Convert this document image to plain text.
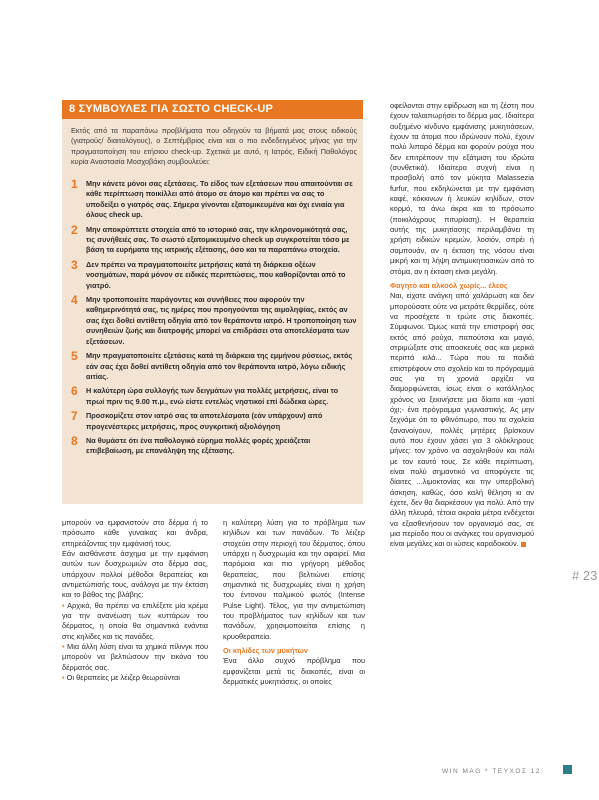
8 ΣΥΜΒΟΥΛΕΣ ΓΙΑ ΣΩΣΤΟ CHECK-UP
Εκτός από τα παραπάνω προβλήματα που οδηγούν τα βήματά μας στους ειδικούς (γιατρούς/ διαιτολόγους), ο Σεπτέμβριος είναι και ο πιο ενδεδειγμένος μήνας για την πραγματοποίηση του ετήσιου check-up. Σχετικά με αυτό, η Ιατρός, Ειδική Παθολόγος κυρία Αναστασία Μοσχοβάκη συμβουλεύει:
1 Μην κάνετε μόνοι σας εξετάσεις. Το είδος των εξετάσεων που απαιτούνται σε κάθε περίπτωση ποικίλλει από άτομο σε άτομο και πρέπει να σας το υποδείξει ο γιατρός σας. Σήμερα γίνονται εξατομικευμένα και όχι ενιαία για όλους check up.
2 Μην αποκρύπτετε στοιχεία από το ιστορικό σας, την κληρονομικότητά σας, τις συνήθειές σας. Το σωστό εξατομικευμένο check up συγκροτείται τόσο με βάση τα ευρήματα της ιατρικής εξέτασης, όσο και τα παραπάνω στοιχεία.
3 Δεν πρέπει να πραγματοποιείτε μετρήσεις κατά τη διάρκεια οξέων νοσημάτων, παρά μόνον σε ειδικές περιπτώσεις, που καθορίζονται από το γιατρό.
4 Μην τροποποιείτε παράγοντες και συνήθειες που αφορούν την καθημερινότητά σας, τις ημέρες που προηγούνται της αιμοληψίας, εκτός αν σας έχει δοθεί αντίθετη οδηγία από τον θεράποντα ιατρό. Η τροποποίηση των συνηθειών ζωής και διατροφής μπορεί να επιδράσει στα αποτελέσματα των εξετάσεων.
5 Μην πραγματοποιείτε εξετάσεις κατά τη διάρκεια της εμμήνου ρύσεως, εκτός εάν σας έχει δοθεί αντίθετη οδηγία από τον θεράποντα ιατρό, λόγω ειδικής αιτίας.
6 Η καλύτερη ώρα συλλογής των δειγμάτων για πολλές μετρήσεις, είναι το πρωί πριν τις 9.00 π.μ., ενώ είστε εντελώς νηστικοί επί δώδεκα ώρες.
7 Προσκομίζετε στον ιατρό σας τα αποτελέσματα (εάν υπάρχουν) από προγενέστερες μετρήσεις, προς συγκριτική αξιολόγηση
8 Να θυμάστε ότι ένα παθολογικό εύρημα πολλές φορές χρειάζεται επιβεβαίωση, με επανάληψη της εξέτασης.

μπορούν να εμφανιστούν στο δέρμα ή το πρόσωπο κάθε γυναίκας και άνδρα, επηρεάζοντας την εμφάνισή τους.

Εάν αισθάνεστε άσχημα με την εμφάνιση αυτών των δυσχρωμιών στο δέρμα σας, υπάρχουν πολλοί μέθοδοι θεραπείας και αντιμετώπισής τους, ανάλογα με την έκταση και το βάθος της βλάβης:

• Αρχικά, θα πρέπει να επιλέξετε μία κρέμα για την ανανέωση των κυττάρων του δέρματος, η οποία θα σημαντικά ενάντια στις κηλίδες και τις πανάδες.

• Μια άλλη λύση είναι τα χημικά πίλινγκ που μπορούν να βελτιώσουν την εικόνα του δέρματός σας.

• Οι θεραπείες με λέιζερ θεωρούνται

η καλύτερη λύση για το πρόβλημα των κηλίδων και των πανάδων. Το λέιζερ στοχεύει στην περιοχή του δέρματος, όπου υπάρχει η δυσχρωμία και την αφαιρεί. Μια παρόμοια και πιο γρήγορη μέθοδος θεραπείας, που βελτιώνει επίσης σημαντικά τις δυσχρωμίες είναι η χρήση του έντονου παλμικού φωτός (Intense Pulse Light). Τέλος, για την αντιμετώπιση του προβλήματος των κηλίδων και των πανάδων, χρησιμοποιείται επίσης η κρυοθεραπεία.

Οι κηλίδες των μυκήτων

Ένα άλλο συχνό πρόβλημα που εμφανίζεται μετά τις διακοπές, είναι οι δερματικές μυκητιάσεις, οι οποίες

οφείλονται στην εφίδρωση και τη ζέστη που έχουν ταλαιπωρήσει το δέρμα μας. Ιδιαίτερα αυξημένο κίνδυνο εμφάνισης μυκητιάσεων, έχουν τα άτομα που ιδρώνουν πολύ, έχουν πολύ λιπαρό δέρμα και φορούν ρούχα που δεν επιτρέπουν την εξάτμιση του ιδρώτα (συνθετικά). Ιδιαίτερα συχνή είναι η προσβολή από τον μύκητα Malassezia furfur, που εκδηλώνεται με την εμφάνιση καφέ, κόκκινων ή λευκών κηλίδων, στον κορμό, τα άνω άκρα και το πρόσωπο (ποικιλόχρους πιτυρίαση). Η θεραπεία αυτής της μυκητίασης περιλαμβάνει τη χρήση ειδικών κρεμών, λοσιόν, σπρέι ή σαμπουάν, αν η έκταση της νόσου είναι μικρή και τη λήψη αντιμυκητιασικών από το στόμα, αν η έκταση είναι μεγάλη.

Φαγητό και αλκοόλ χωρίς... έλεος

Ναι, είχατε ανάγκη από χαλάρωση και δεν μπορούσατε ούτε να μετράτε θερμίδες, ούτε να προσέχετε τι τρώτε στις διακοπές. Σύμφωνοι. Ώμως κατά την επιστροφή σας εκτός από ρούχα, παπούτσια και μαγιό, στριμώξατε στις αποσκευές σας και μερικά περιττά κιλά... Τώρα που τα παιδιά επιστρέφουν στο σχολείο και το πρόγραμμά σας για τη χρονιά αρχίζει να διαμορφώνεται, ίσως είναι ο κατάλληλος χρόνος να ξεκινήσετε μια δίαιτα και -γιατί όχι;- ένα πρόγραμμα γυμναστικής. Ας μην ξεχνάμε ότι το φθινόπωρο, που τα σχολεία ξανανοίγουν, πολλές μητέρες βρίσκουν αυτό που έχουν χάσει για 3 ολόκληρους μήνες: τον χρόνο να ασχοληθούν και πάλι με τον εαυτό τους. Σε κάθε περίπτωση, είναι πολύ σημαντικό να αποφύγετε τις δίαιτες ...λιμοκτονίας και την υπερβολική άσκηση, καθώς, όσο καλή θέληση κι αν έχετε, δεν θα διαρκέσουν για πολύ. Από την άλλη πλευρά, τέτοια ακραία μέτρα ενδέχεται να εξασθενήσουν τον οργανισμό σας, σε μια περίοδο που οι ανάγκες του οργανισμού είναι μεγάλες και οι ιώσεις καραδοκούν.

# 23
WIN MAG * ΤΕΥΧΟΣ 12
